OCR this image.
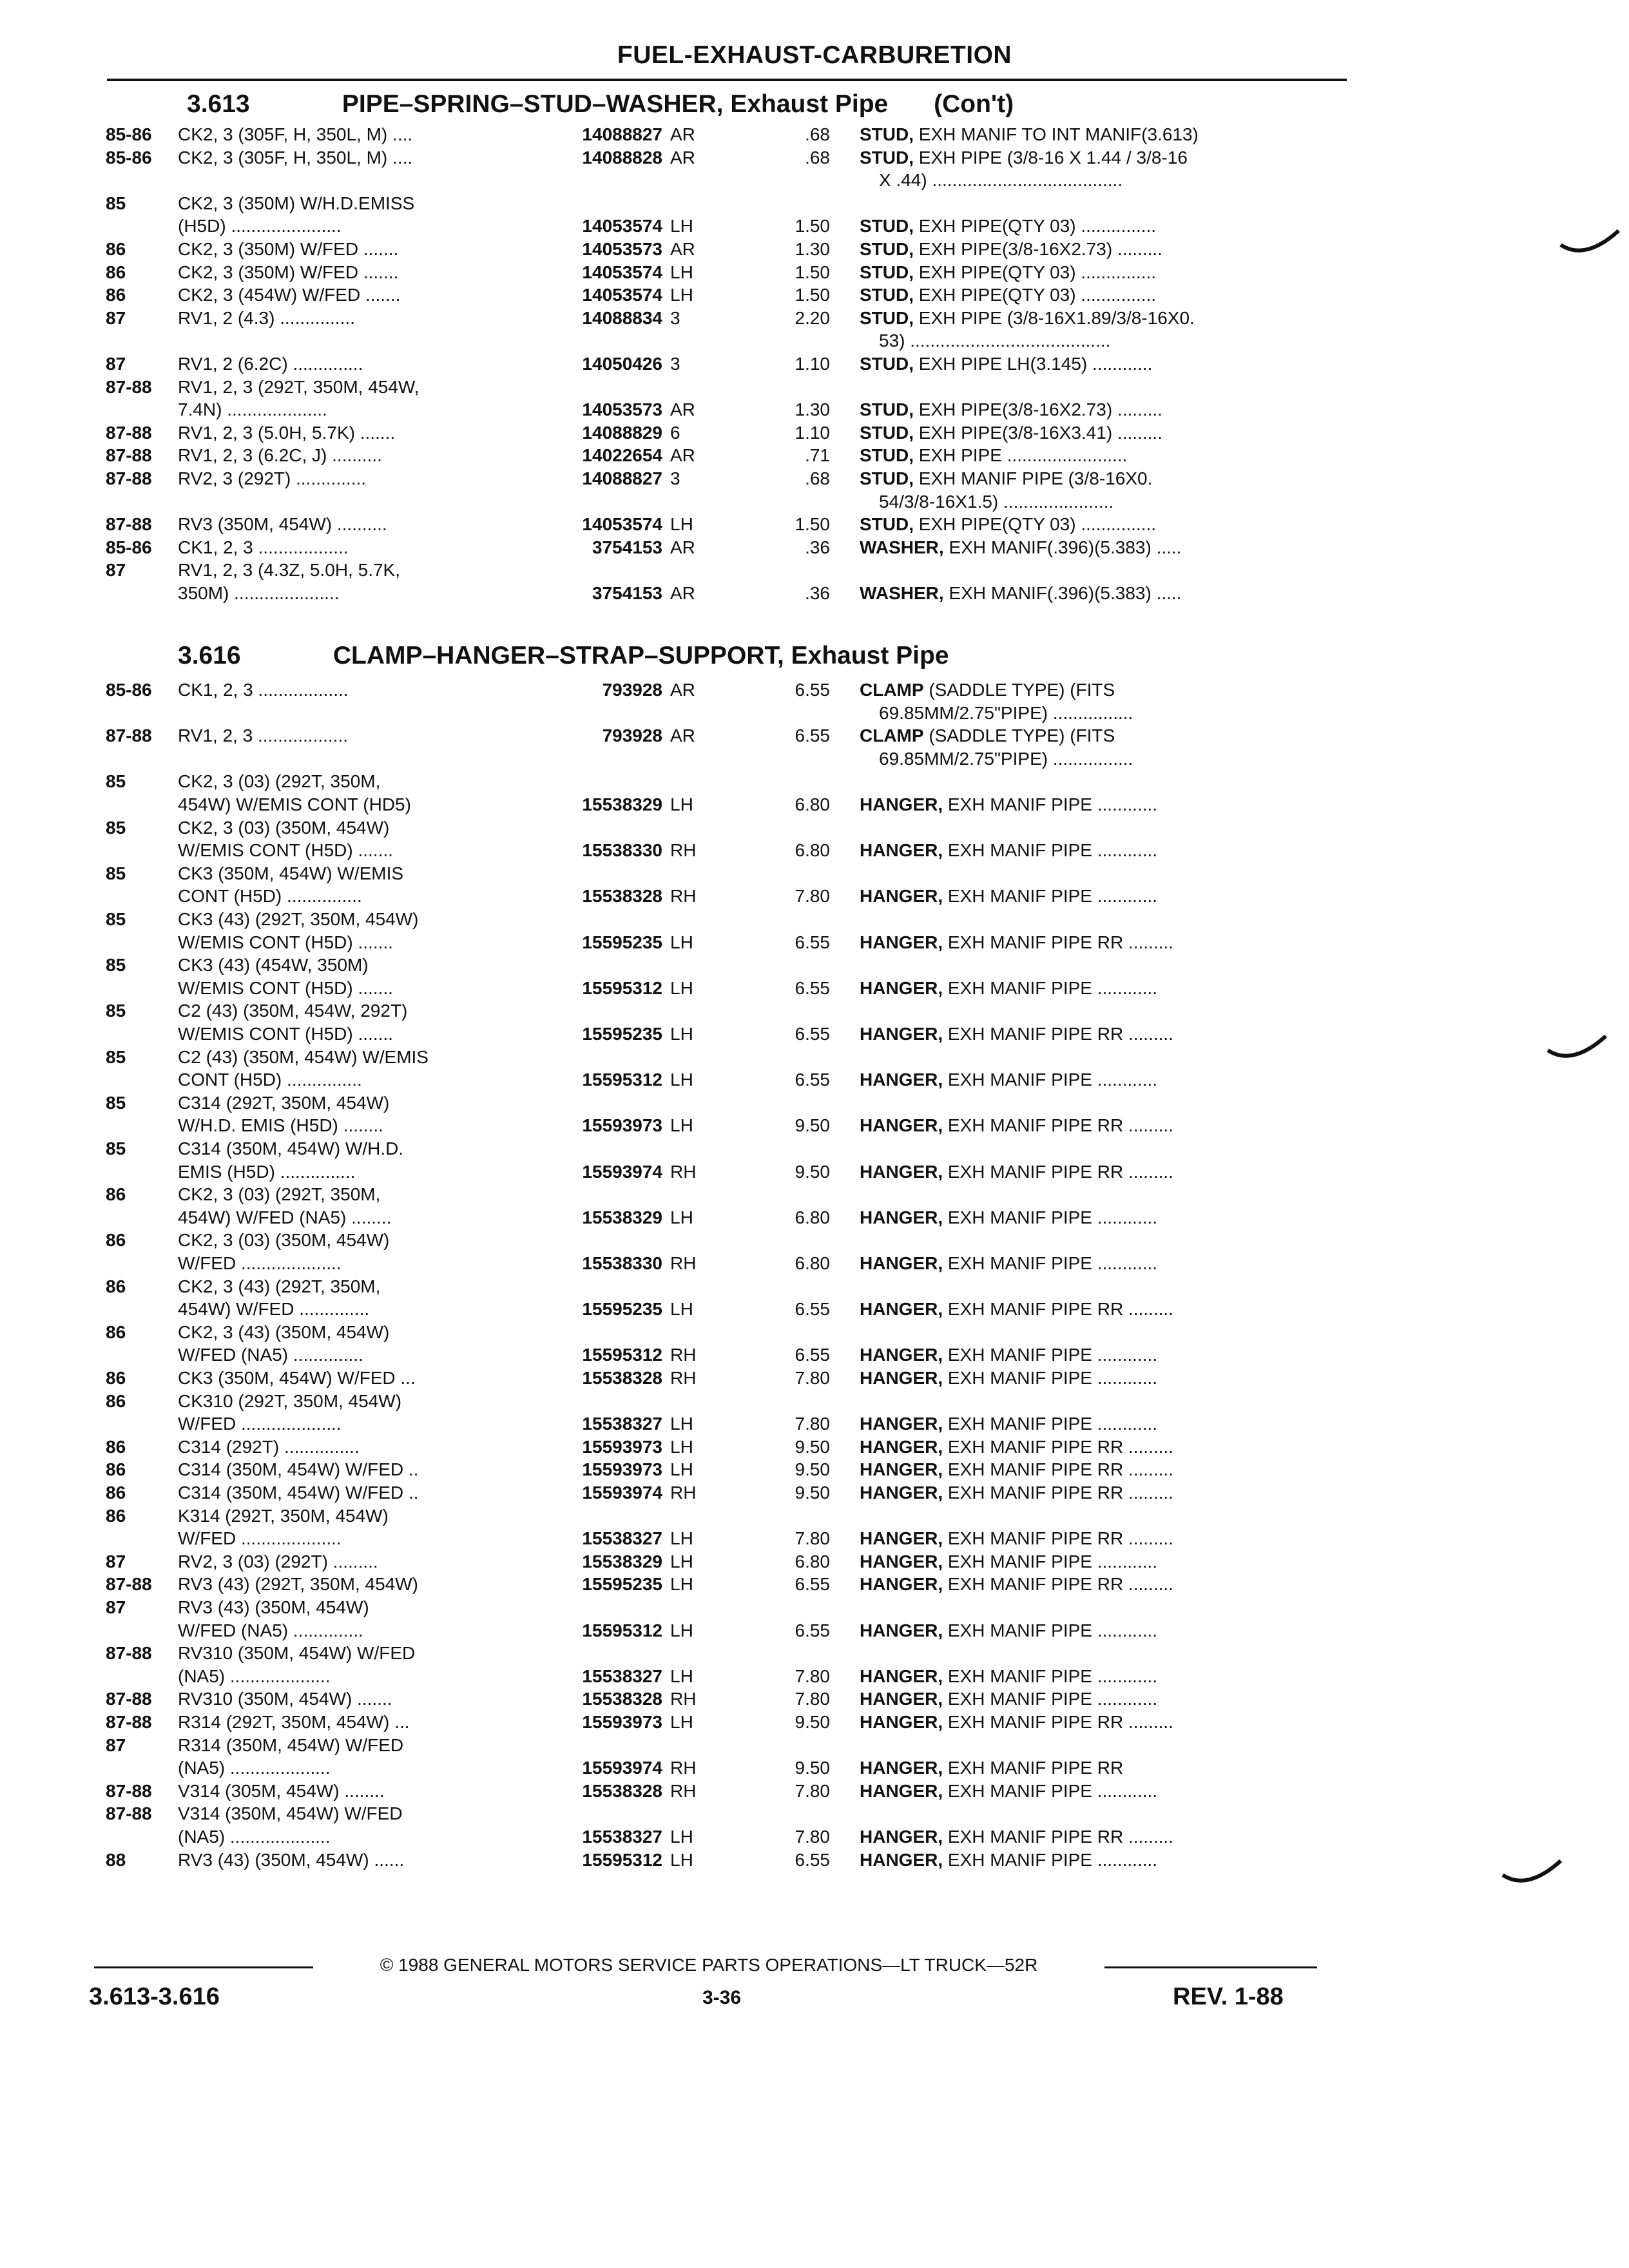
FUEL-EXHAUST-CARBURETION
3.613	PIPE–SPRING–STUD–WASHER, Exhaust Pipe (Con't)
3.616	CLAMP–HANGER–STRAP–SUPPORT, Exhaust Pipe
85-86	CK2, 3 (305F, H, 350L, M) ....	14088827 AR	.68 STUD, EXH MANIF TO INT MANIF(3.613)
85-86	CK2, 3 (305F, H, 350L, M) ....	14088828 AR	.68 STUD, EXH PIPE (3/8-16 X 1.44 / 3/8-16
X .44) ......................................
85	CK2, 3 (350M) W/H.D.EMISS
(H5D) ......................	14053574 LH	1.50 STUD, EXH PIPE(QTY 03) ...............
86	CK2, 3 (350M) W/FED .......	14053573 AR	1.30 STUD, EXH PIPE(3/8-16X2.73) .........
86	CK2, 3 (350M) W/FED .......	14053574 LH	1.50 STUD, EXH PIPE(QTY 03) ...............
86	CK2, 3 (454W) W/FED .......	14053574 LH	1.50 STUD, EXH PIPE(QTY 03) ...............
87	RV1, 2 (4.3) ...............	14088834 3	2.20 STUD, EXH PIPE (3/8-16X1.89/3/8-16X0.
53) ........................................
87	RV1, 2 (6.2C) ..............	14050426 3	1.10 STUD, EXH PIPE LH(3.145) ............
87-88	RV1, 2, 3 (292T, 350M, 454W,
7.4N) ....................	14053573 AR	1.30 STUD, EXH PIPE(3/8-16X2.73) .........
87-88	RV1, 2, 3 (5.0H, 5.7K) .......	14088829 6	1.10 STUD, EXH PIPE(3/8-16X3.41) .........
87-88	RV1, 2, 3 (6.2C, J) ..........	14022654 AR	.71 STUD, EXH PIPE ........................
87-88	RV2, 3 (292T) ..............	14088827 3	.68 STUD, EXH MANIF PIPE (3/8-16X0.
54/3/8-16X1.5) ......................
87-88	RV3 (350M, 454W) ..........	14053574 LH	1.50 STUD, EXH PIPE(QTY 03) ...............
85-86	CK1, 2, 3 ..................	3754153 AR	.36 WASHER, EXH MANIF(.396)(5.383) .....
87	RV1, 2, 3 (4.3Z, 5.0H, 5.7K,
350M) .....................	3754153 AR	.36 WASHER, EXH MANIF(.396)(5.383) .....
85-86	CK1, 2, 3 ..................	793928 AR	6.55 CLAMP (SADDLE TYPE) (FITS
69.85MM/2.75"PIPE) ................
87-88	RV1, 2, 3 ..................	793928 AR	6.55 CLAMP (SADDLE TYPE) (FITS
69.85MM/2.75"PIPE) ................
85	CK2, 3 (03) (292T, 350M,
454W) W/EMIS CONT (HD5)	15538329 LH	6.80 HANGER, EXH MANIF PIPE ............
85	CK2, 3 (03) (350M, 454W)
W/EMIS CONT (H5D) .......	15538330 RH	6.80 HANGER, EXH MANIF PIPE ............
85	CK3 (350M, 454W) W/EMIS
CONT (H5D) ...............	15538328 RH	7.80 HANGER, EXH MANIF PIPE ............
85	CK3 (43) (292T, 350M, 454W)
W/EMIS CONT (H5D) .......	15595235 LH	6.55 HANGER, EXH MANIF PIPE RR .........
85	CK3 (43) (454W, 350M)
W/EMIS CONT (H5D) .......	15595312 LH	6.55 HANGER, EXH MANIF PIPE ............
85	C2 (43) (350M, 454W, 292T)
W/EMIS CONT (H5D) .......	15595235 LH	6.55 HANGER, EXH MANIF PIPE RR .........
85	C2 (43) (350M, 454W) W/EMIS
CONT (H5D) ...............	15595312 LH	6.55 HANGER, EXH MANIF PIPE ............
85	C314 (292T, 350M, 454W)
W/H.D. EMIS (H5D) ........	15593973 LH	9.50 HANGER, EXH MANIF PIPE RR .........
85	C314 (350M, 454W) W/H.D.
EMIS (H5D) ...............	15593974 RH	9.50 HANGER, EXH MANIF PIPE RR .........
86	CK2, 3 (03) (292T, 350M,
454W) W/FED (NA5) ........	15538329 LH	6.80 HANGER, EXH MANIF PIPE ............
86	CK2, 3 (03) (350M, 454W)
W/FED ....................	15538330 RH	6.80 HANGER, EXH MANIF PIPE ............
86	CK2, 3 (43) (292T, 350M,
454W) W/FED ..............	15595235 LH	6.55 HANGER, EXH MANIF PIPE RR .........
86	CK2, 3 (43) (350M, 454W)
W/FED (NA5) ..............	15595312 RH	6.55 HANGER, EXH MANIF PIPE ............
86	CK3 (350M, 454W) W/FED ...	15538328 RH	7.80 HANGER, EXH MANIF PIPE ............
86	CK310 (292T, 350M, 454W)
W/FED ....................	15538327 LH	7.80 HANGER, EXH MANIF PIPE ............
86	C314 (292T) ...............	15593973 LH	9.50 HANGER, EXH MANIF PIPE RR .........
86	C314 (350M, 454W) W/FED ..	15593973 LH	9.50 HANGER, EXH MANIF PIPE RR .........
86	C314 (350M, 454W) W/FED ..	15593974 RH	9.50 HANGER, EXH MANIF PIPE RR .........
86	K314 (292T, 350M, 454W)
W/FED ....................	15538327 LH	7.80 HANGER, EXH MANIF PIPE RR .........
87	RV2, 3 (03) (292T) .........	15538329 LH	6.80 HANGER, EXH MANIF PIPE ............
87-88	RV3 (43) (292T, 350M, 454W)	15595235 LH	6.55 HANGER, EXH MANIF PIPE RR .........
87	RV3 (43) (350M, 454W)
W/FED (NA5) ..............	15595312 LH	6.55 HANGER, EXH MANIF PIPE ............
87-88	RV310 (350M, 454W) W/FED
(NA5) ....................	15538327 LH	7.80 HANGER, EXH MANIF PIPE ............
87-88	RV310 (350M, 454W) .......	15538328 RH	7.80 HANGER, EXH MANIF PIPE ............
87-88	R314 (292T, 350M, 454W) ...	15593973 LH	9.50 HANGER, EXH MANIF PIPE RR .........
87	R314 (350M, 454W) W/FED
(NA5) ....................	15593974 RH	9.50 HANGER, EXH MANIF PIPE RR
87-88	V314 (305M, 454W) ........	15538328 RH	7.80 HANGER, EXH MANIF PIPE ............
87-88	V314 (350M, 454W) W/FED
(NA5) ....................	15538327 LH	7.80 HANGER, EXH MANIF PIPE RR .........
88	RV3 (43) (350M, 454W) ......	15595312 LH	6.55 HANGER, EXH MANIF PIPE ............
© 1988 GENERAL MOTORS SERVICE PARTS OPERATIONS—LT TRUCK—52R
3.613-3.616	3-36	REV. 1-88
